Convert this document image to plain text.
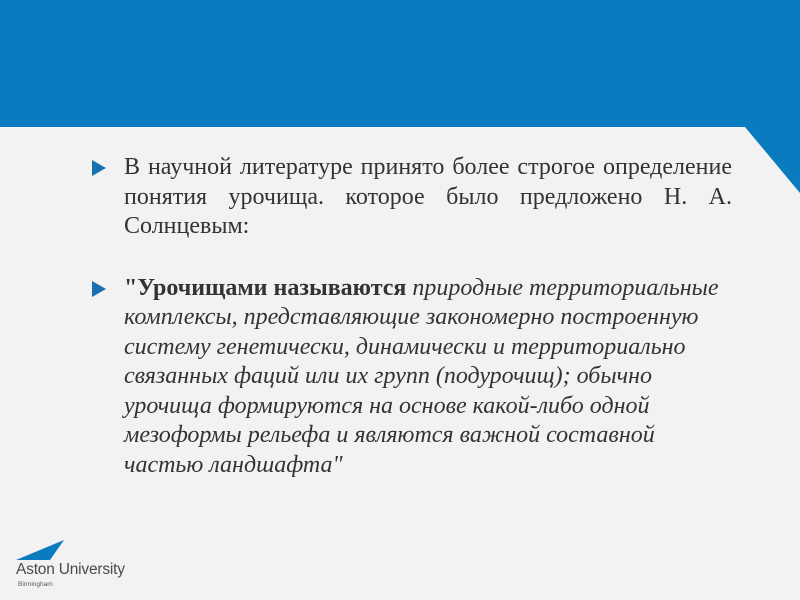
В научной литературе принято более строгое определение понятия урочища. которое было предложено Н. А. Солнцевым:
"Урочищами называются природные территориальные комплексы, представляющие закономерно построенную систему генетически, динамически и территориально связанных фаций или их групп (подурочищ); обычно урочища формируются на основе какой-либо одной мезоформы рельефа и являются важной составной частью ландшафта"
Aston University
Birmingham
